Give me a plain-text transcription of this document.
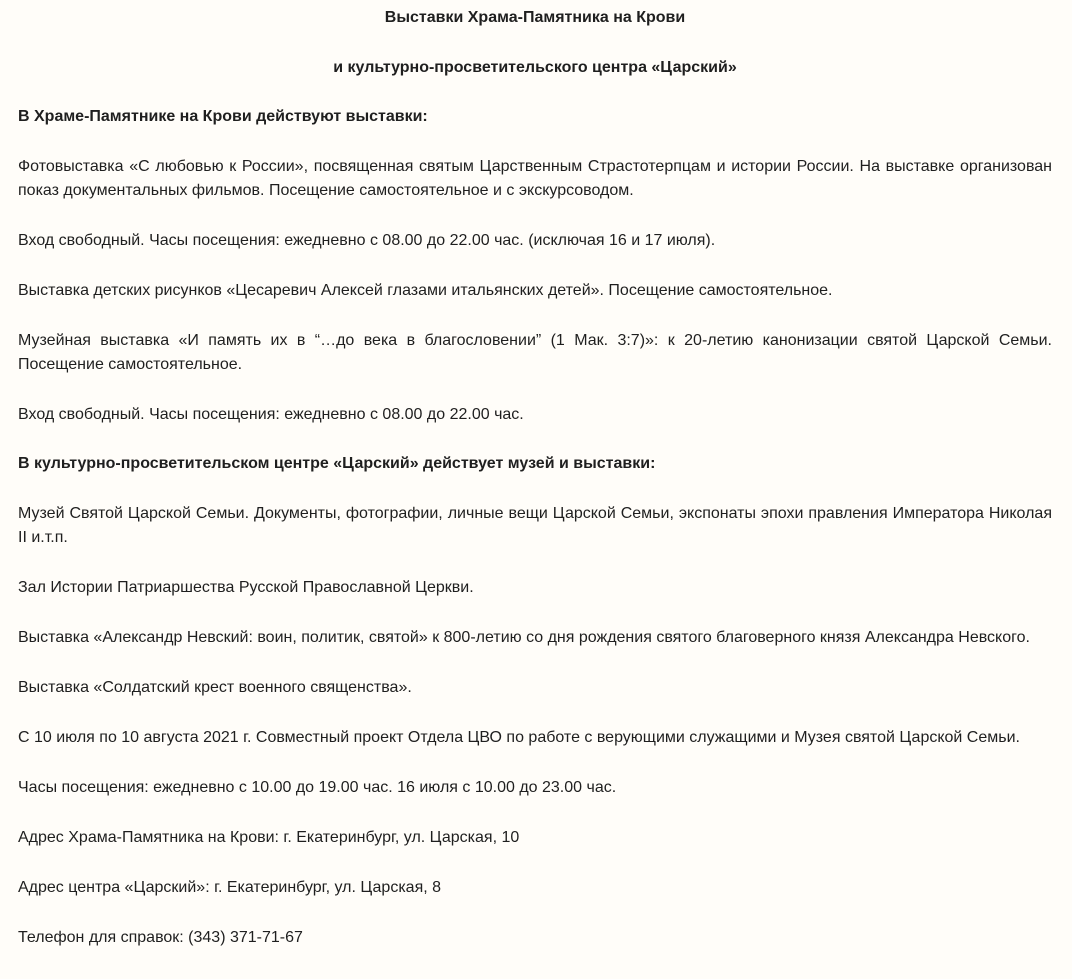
Выставки Храма-Памятника на Крови

и культурно-просветительского центра «Царский»

В Храме-Памятнике на Крови действуют выставки:

Фотовыставка «С любовью к России», посвященная святым Царственным Страстотерпцам и истории России. На выставке организован показ документальных фильмов. Посещение самостоятельное и с экскурсоводом.

Вход свободный. Часы посещения: ежедневно с 08.00 до 22.00 час. (исключая 16 и 17 июля).

Выставка детских рисунков «Цесаревич Алексей глазами итальянских детей». Посещение самостоятельное.

Музейная выставка «И память их в “…до века в благословении” (1 Мак. 3:7)»: к 20-летию канонизации святой Царской Семьи. Посещение самостоятельное.

Вход свободный. Часы посещения: ежедневно с 08.00 до 22.00 час.

В культурно-просветительском центре «Царский» действует музей и выставки:

Музей Святой Царской Семьи. Документы, фотографии, личные вещи Царской Семьи, экспонаты эпохи правления Императора Николая II и.т.п.

Зал Истории Патриаршества Русской Православной Церкви.

Выставка «Александр Невский: воин, политик, святой» к 800-летию со дня рождения святого благоверного князя Александра Невского.

Выставка «Солдатский крест военного священства».

С 10 июля по 10 августа 2021 г. Совместный проект Отдела ЦВО по работе с верующими служащими и Музея святой Царской Семьи.

Часы посещения: ежедневно с 10.00 до 19.00 час. 16 июля с 10.00 до 23.00 час.

Адрес Храма-Памятника на Крови: г. Екатеринбург, ул. Царская, 10

Адрес центра «Царский»: г. Екатеринбург, ул. Царская, 8

Телефон для справок: (343) 371-71-67
